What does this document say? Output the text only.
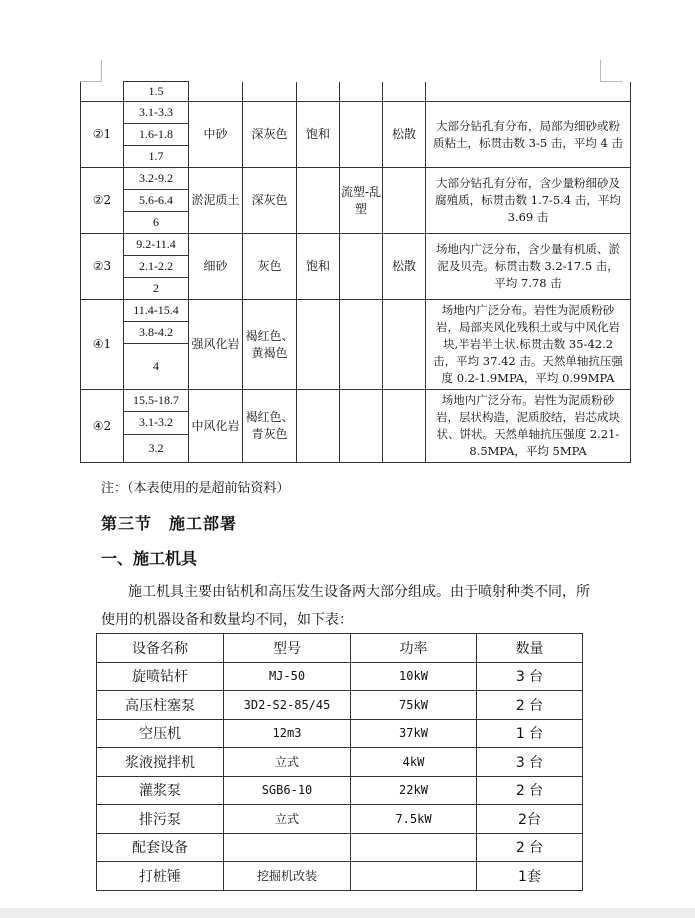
	1.5						
②1	3.1-3.3	中砂	深灰色	饱和		松散	大部分钻孔有分布，局部为细砂或粉质粘土，标贯击数 3-5 击，平均 4 击
	1.6-1.8						
	1.7						
②2	3.2-9.2	淤泥质土	深灰色		流塑-乱塑		大部分钻孔有分布，含少量粉细砂及腐殖质，标贯击数 1.7-5.4 击，平均 3.69 击
	5.6-6.4						
	6						
②3	9.2-11.4	细砂	灰色	饱和		松散	场地内广泛分布，含少量有机质、淤泥及贝壳。标贯击数 3.2-17.5 击，平均 7.78 击
	2.1-2.2						
	2						
④1	11.4-15.4	强风化岩	褐红色、黄褐色				场地内广泛分布。岩性为泥质粉砂岩，局部夹风化残积土或与中风化岩块,半岩半土状.标贯击数 35-42.2 击，平均 37.42 击。天然单轴抗压强度 0.2-1.9MPA，平均 0.99MPA
	3.8-4.2						
	4						
④2	15.5-18.7	中风化岩	褐红色、青灰色				场地内广泛分布。岩性为泥质粉砂岩，层状构造，泥质胶结，岩芯成块状、饼状。天然单轴抗压强度 2.21-8.5MPA，平均 5MPA
	3.1-3.2						
	3.2						
注：（本表使用的是超前钻资料）
第三节　施工部署
一、施工机具
施工机具主要由钻机和高压发生设备两大部分组成。由于喷射种类不同，所使用的机器设备和数量均不同，如下表：
设备名称	型号	功率	数量
旋喷钻杆	MJ-50	10kW	3 台
高压柱塞泵	3D2-S2-85/45	75kW	2 台
空压机	12m3	37kW	1 台
浆液搅拌机	立式	4kW	3 台
灌浆泵	SGB6-10	22kW	2 台
排污泵	立式	7.5kW	2台
配套设备			2 台
打桩锤	挖掘机改装		1套
